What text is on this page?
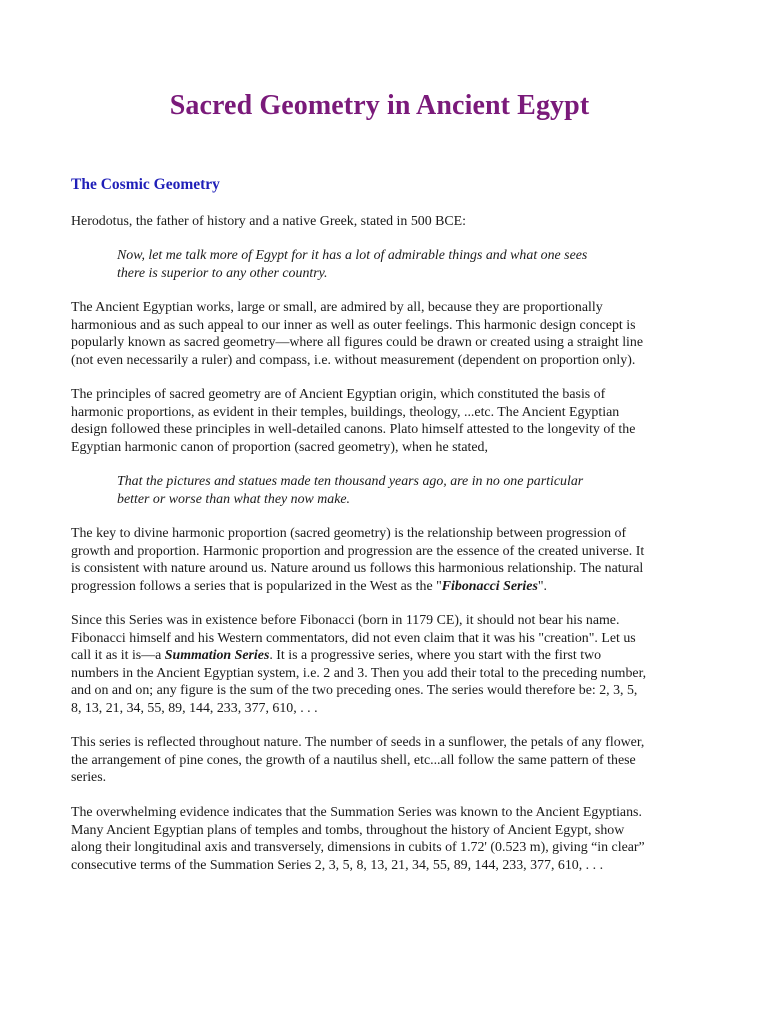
Sacred Geometry in Ancient Egypt
The Cosmic Geometry

Herodotus, the father of history and a native Greek, stated in 500 BCE:

Now, let me talk more of Egypt for it has a lot of admirable things and what one sees
there is superior to any other country.

The Ancient Egyptian works, large or small, are admired by all, because they are proportionally
harmonious and as such appeal to our inner as well as outer feelings. This harmonic design concept is
popularly known as sacred geometry—where all figures could be drawn or created using a straight line
(not even necessarily a ruler) and compass, i.e. without measurement (dependent on proportion only).

The principles of sacred geometry are of Ancient Egyptian origin, which constituted the basis of
harmonic proportions, as evident in their temples, buildings, theology, ...etc. The Ancient Egyptian
design followed these principles in well-detailed canons. Plato himself attested to the longevity of the
Egyptian harmonic canon of proportion (sacred geometry), when he stated,

That the pictures and statues made ten thousand years ago, are in no one particular
better or worse than what they now make.

The key to divine harmonic proportion (sacred geometry) is the relationship between progression of
growth and proportion. Harmonic proportion and progression are the essence of the created universe. It
is consistent with nature around us. Nature around us follows this harmonious relationship. The natural
progression follows a series that is popularized in the West as the "Fibonacci Series".

Since this Series was in existence before Fibonacci (born in 1179 CE), it should not bear his name.
Fibonacci himself and his Western commentators, did not even claim that it was his "creation". Let us
call it as it is—a Summation Series. It is a progressive series, where you start with the first two
numbers in the Ancient Egyptian system, i.e. 2 and 3. Then you add their total to the preceding number,
and on and on; any figure is the sum of the two preceding ones. The series would therefore be: 2, 3, 5,
8, 13, 21, 34, 55, 89, 144, 233, 377, 610, . . .

This series is reflected throughout nature. The number of seeds in a sunflower, the petals of any flower,
the arrangement of pine cones, the growth of a nautilus shell, etc...all follow the same pattern of these
series.

The overwhelming evidence indicates that the Summation Series was known to the Ancient Egyptians.
Many Ancient Egyptian plans of temples and tombs, throughout the history of Ancient Egypt, show
along their longitudinal axis and transversely, dimensions in cubits of 1.72' (0.523 m), giving “in clear”
consecutive terms of the Summation Series 2, 3, 5, 8, 13, 21, 34, 55, 89, 144, 233, 377, 610, . . .
